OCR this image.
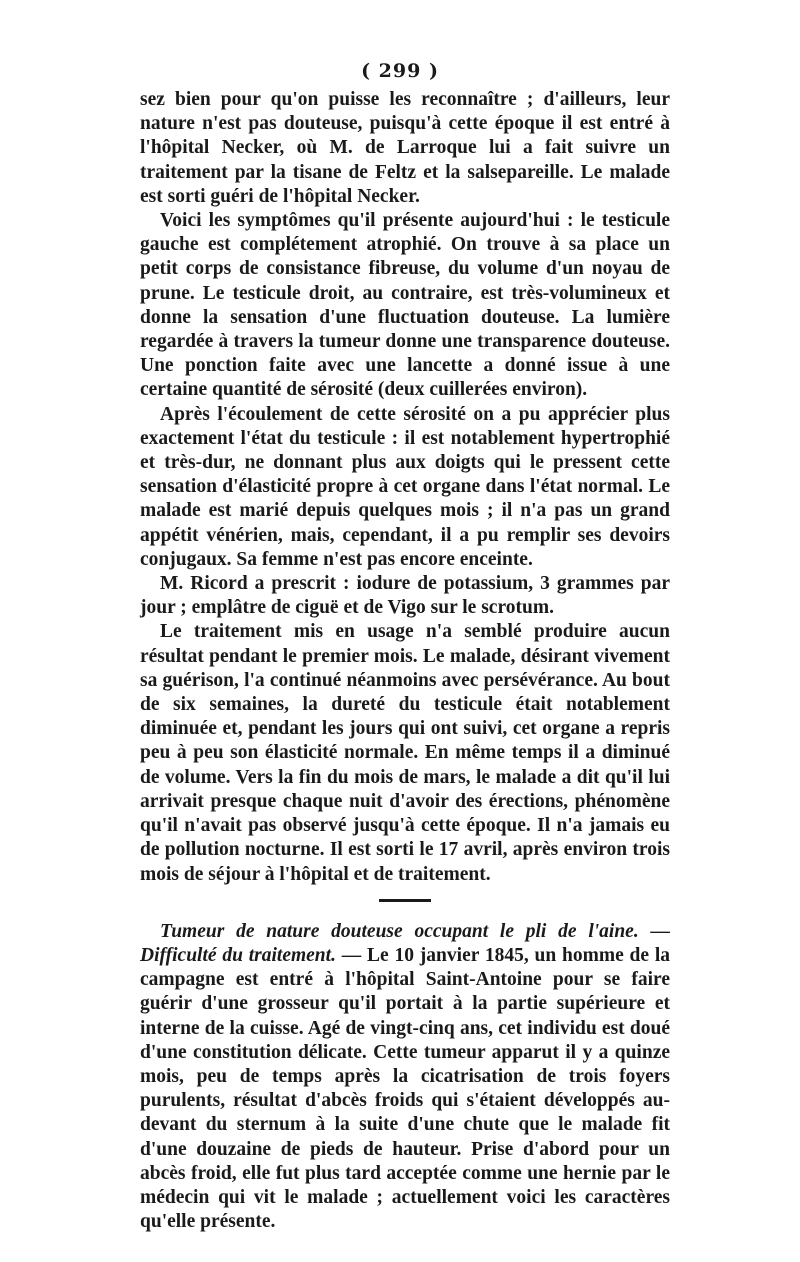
( 299 )

sez bien pour qu'on puisse les reconnaître ; d'ailleurs, leur nature n'est pas douteuse, puisqu'à cette époque il est entré à l'hôpital Necker, où M. de Larroque lui a fait suivre un traitement par la tisane de Feltz et la salsepareille. Le malade est sorti guéri de l'hôpital Necker.

Voici les symptômes qu'il présente aujourd'hui : le testicule gauche est complétement atrophié. On trouve à sa place un petit corps de consistance fibreuse, du volume d'un noyau de prune. Le testicule droit, au contraire, est très-volumineux et donne la sensation d'une fluctuation douteuse. La lumière regardée à travers la tumeur donne une transparence douteuse. Une ponction faite avec une lancette a donné issue à une certaine quantité de sérosité (deux cuillerées environ).

Après l'écoulement de cette sérosité on a pu apprécier plus exactement l'état du testicule : il est notablement hypertrophié et très-dur, ne donnant plus aux doigts qui le pressent cette sensation d'élasticité propre à cet organe dans l'état normal. Le malade est marié depuis quelques mois ; il n'a pas un grand appétit vénérien, mais, cependant, il a pu remplir ses devoirs conjugaux. Sa femme n'est pas encore enceinte.

M. Ricord a prescrit : iodure de potassium, 3 grammes par jour ; emplâtre de ciguë et de Vigo sur le scrotum.

Le traitement mis en usage n'a semblé produire aucun résultat pendant le premier mois. Le malade, désirant vivement sa guérison, l'a continué néanmoins avec persévérance. Au bout de six semaines, la dureté du testicule était notablement diminuée et, pendant les jours qui ont suivi, cet organe a repris peu à peu son élasticité normale. En même temps il a diminué de volume. Vers la fin du mois de mars, le malade a dit qu'il lui arrivait presque chaque nuit d'avoir des érections, phénomène qu'il n'avait pas observé jusqu'à cette époque. Il n'a jamais eu de pollution nocturne. Il est sorti le 17 avril, après environ trois mois de séjour à l'hôpital et de traitement.

Tumeur de nature douteuse occupant le pli de l'aine. — Difficulté du traitement. — Le 10 janvier 1845, un homme de la campagne est entré à l'hôpital Saint-Antoine pour se faire guérir d'une grosseur qu'il portait à la partie supérieure et interne de la cuisse. Agé de vingt-cinq ans, cet individu est doué d'une constitution délicate. Cette tumeur apparut il y a quinze mois, peu de temps après la cicatrisation de trois foyers purulents, résultat d'abcès froids qui s'étaient développés au-devant du sternum à la suite d'une chute que le malade fit d'une douzaine de pieds de hauteur. Prise d'abord pour un abcès froid, elle fut plus tard acceptée comme une hernie par le médecin qui vit le malade ; actuellement voici les caractères qu'elle présente.
